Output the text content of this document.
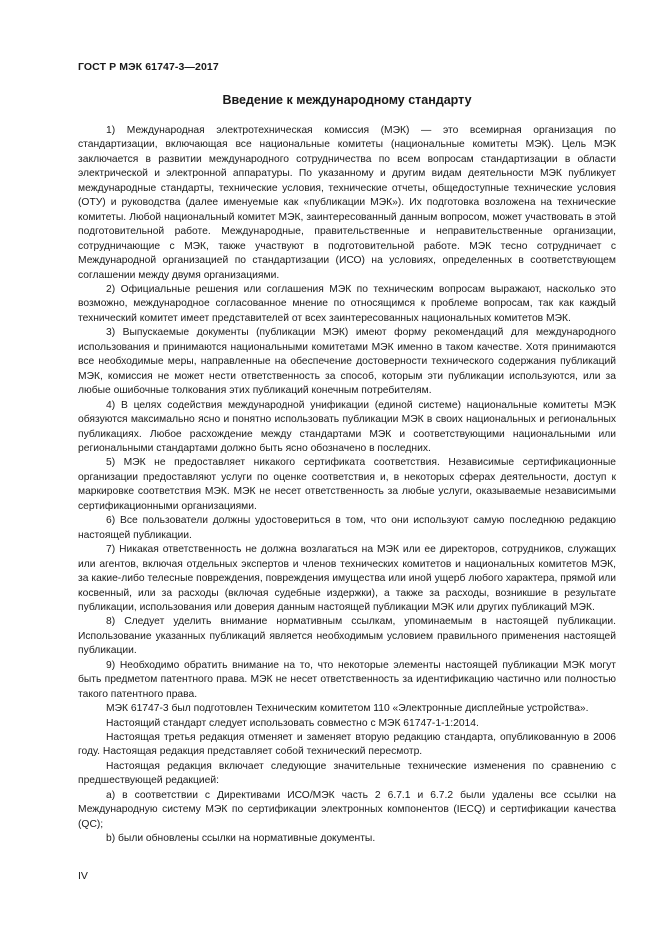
ГОСТ Р МЭК 61747-3—2017
Введение к международному стандарту

1) Международная электротехническая комиссия (МЭК) — это всемирная организация по стандартизации, включающая все национальные комитеты (национальные комитеты МЭК). Цель МЭК заключается в развитии международного сотрудничества по всем вопросам стандартизации в области электрической и электронной аппаратуры. По указанному и другим видам деятельности МЭК публикует международные стандарты, технические условия, технические отчеты, общедоступные технические условия (ОТУ) и руководства (далее именуемые как «публикации МЭК»). Их подготовка возложена на технические комитеты. Любой национальный комитет МЭК, заинтересованный данным вопросом, может участвовать в этой подготовительной работе. Международные, правительственные и неправительственные организации, сотрудничающие с МЭК, также участвуют в подготовительной работе. МЭК тесно сотрудничает с Международной организацией по стандартизации (ИСО) на условиях, определенных в соответствующем соглашении между двумя организациями.

2) Официальные решения или соглашения МЭК по техническим вопросам выражают, насколько это возможно, международное согласованное мнение по относящимся к проблеме вопросам, так как каждый технический комитет имеет представителей от всех заинтересованных национальных комитетов МЭК.

3) Выпускаемые документы (публикации МЭК) имеют форму рекомендаций для международного использования и принимаются национальными комитетами МЭК именно в таком качестве. Хотя принимаются все необходимые меры, направленные на обеспечение достоверности технического содержания публикаций МЭК, комиссия не может нести ответственность за способ, которым эти публикации используются, или за любые ошибочные толкования этих публикаций конечным потребителям.

4) В целях содействия международной унификации (единой системе) национальные комитеты МЭК обязуются максимально ясно и понятно использовать публикации МЭК в своих национальных и региональных публикациях. Любое расхождение между стандартами МЭК и соответствующими национальными или региональными стандартами должно быть ясно обозначено в последних.

5) МЭК не предоставляет никакого сертификата соответствия. Независимые сертификационные организации предоставляют услуги по оценке соответствия и, в некоторых сферах деятельности, доступ к маркировке соответствия МЭК. МЭК не несет ответственность за любые услуги, оказываемые независимыми сертификационными организациями.

6) Все пользователи должны удостовериться в том, что они используют самую последнюю редакцию настоящей публикации.

7) Никакая ответственность не должна возлагаться на МЭК или ее директоров, сотрудников, служащих или агентов, включая отдельных экспертов и членов технических комитетов и национальных комитетов МЭК, за какие-либо телесные повреждения, повреждения имущества или иной ущерб любого характера, прямой или косвенный, или за расходы (включая судебные издержки), а также за расходы, возникшие в результате публикации, использования или доверия данным настоящей публикации МЭК или других публикаций МЭК.

8) Следует уделить внимание нормативным ссылкам, упоминаемым в настоящей публикации. Использование указанных публикаций является необходимым условием правильного применения настоящей публикации.

9) Необходимо обратить внимание на то, что некоторые элементы настоящей публикации МЭК могут быть предметом патентного права. МЭК не несет ответственность за идентификацию частично или полностью такого патентного права.

МЭК 61747-3 был подготовлен Техническим комитетом 110 «Электронные дисплейные устройства».

Настоящий стандарт следует использовать совместно с МЭК 61747-1-1:2014.

Настоящая третья редакция отменяет и заменяет вторую редакцию стандарта, опубликованную в 2006 году. Настоящая редакция представляет собой технический пересмотр.

Настоящая редакция включает следующие значительные технические изменения по сравнению с предшествующей редакцией:

a) в соответствии с Директивами ИСО/МЭК часть 2 6.7.1 и 6.7.2 были удалены все ссылки на Международную систему МЭК по сертификации электронных компонентов (IECQ) и сертификации качества (QC);

b) были обновлены ссылки на нормативные документы.

IV
